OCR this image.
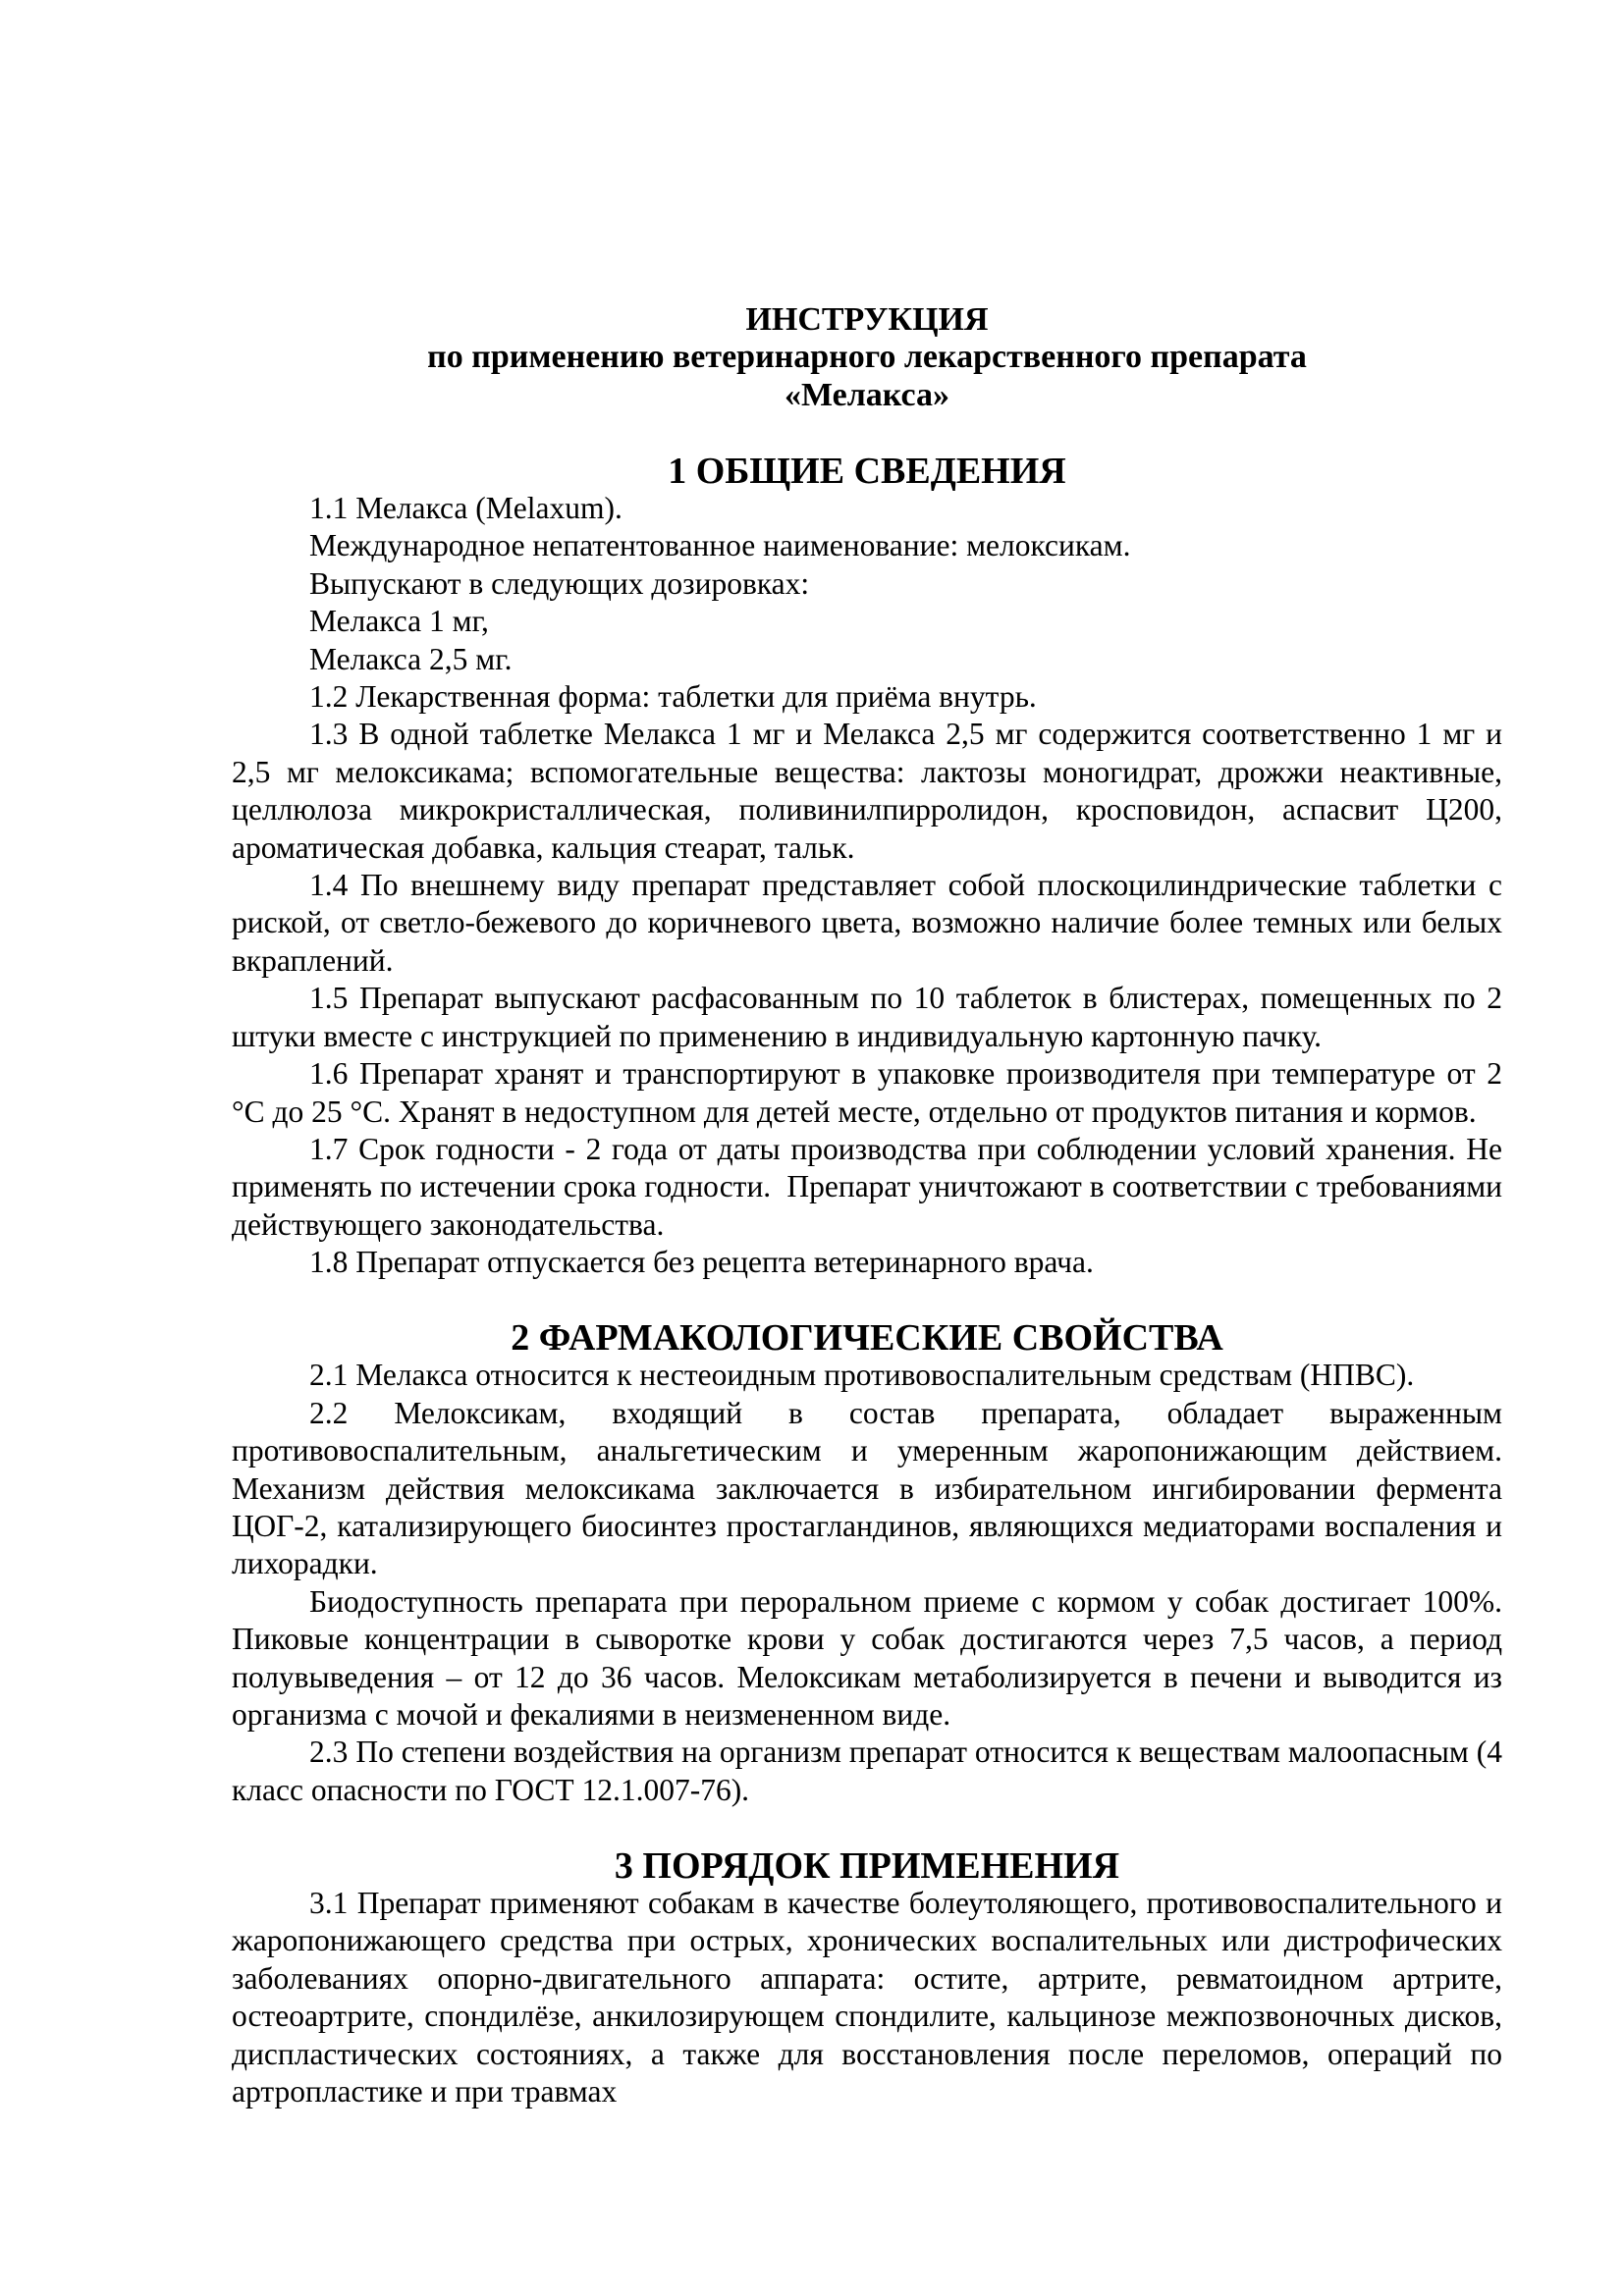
ИНСТРУКЦИЯ

по применению ветеринарного лекарственного препарата

«Мелакса»

1 ОБЩИЕ СВЕДЕНИЯ

1.1 Мелакса (Melaxum).

Международное непатентованное наименование: мелоксикам.

Выпускают в следующих дозировках:

Мелакса 1 мг,

Мелакса 2,5 мг.

1.2 Лекарственная форма: таблетки для приёма внутрь.

1.3 В одной таблетке Мелакса 1 мг и Мелакса 2,5 мг содержится соответственно 1 мг и 2,5 мг мелоксикама; вспомогательные вещества: лактозы моногидрат, дрожжи неактивные, целлюлоза микрокристаллическая, поливинилпирролидон, кросповидон, аспасвит Ц200, ароматическая добавка, кальция стеарат, тальк.

1.4 По внешнему виду препарат представляет собой плоскоцилиндрические таблетки с риской, от светло-бежевого до коричневого цвета, возможно наличие более темных или белых вкраплений.

1.5 Препарат выпускают расфасованным по 10 таблеток в блистерах, помещенных по 2 штуки вместе с инструкцией по применению в индивидуальную картонную пачку.

1.6 Препарат хранят и транспортируют в упаковке производителя при температуре от 2 °С до 25 °С. Хранят в недоступном для детей месте, отдельно от продуктов питания и кормов.

1.7 Срок годности - 2 года от даты производства при соблюдении условий хранения. Не применять по истечении срока годности.  Препарат уничтожают в соответствии с требованиями действующего законодательства.

1.8 Препарат отпускается без рецепта ветеринарного врача.

2 ФАРМАКОЛОГИЧЕСКИЕ СВОЙСТВА

2.1 Мелакса относится к нестеоидным противовоспалительным средствам (НПВС).

2.2 Мелоксикам, входящий в состав препарата, обладает выраженным противовоспалительным, анальгетическим и умеренным жаропонижающим действием. Механизм действия мелоксикама заключается в избирательном ингибировании фермента ЦОГ-2, катализирующего биосинтез простагландинов, являющихся медиаторами воспаления и лихорадки.

Биодоступность препарата при пероральном приеме с кормом у собак достигает 100%. Пиковые концентрации в сыворотке крови у собак достигаются через 7,5 часов, а период полувыведения – от 12 до 36 часов. Мелоксикам метаболизируется в печени и выводится из организма с мочой и фекалиями в неизмененном виде.

2.3 По степени воздействия на организм препарат относится к веществам малоопасным (4 класс опасности по ГОСТ 12.1.007-76).

3 ПОРЯДОК ПРИМЕНЕНИЯ

3.1 Препарат применяют собакам в качестве болеутоляющего, противовоспалительного и жаропонижающего средства при острых, хронических воспалительных или дистрофических заболеваниях опорно-двигательного аппарата: остите, артрите, ревматоидном артрите, остеоартрите, спондилёзе, анкилозирующем спондилите, кальцинозе межпозвоночных дисков, диспластических состояниях, а также для восстановления после переломов, операций по артропластике и при травмах
